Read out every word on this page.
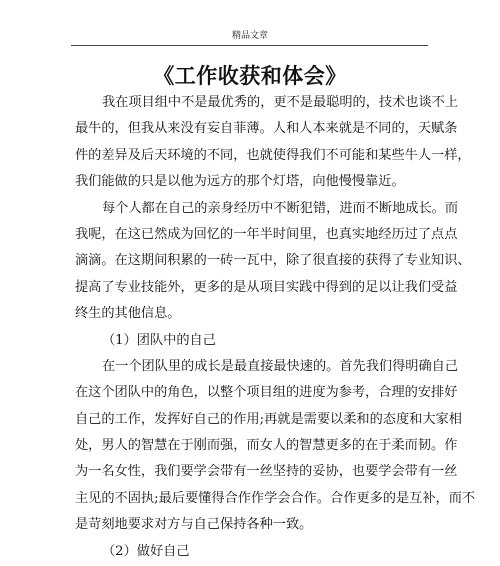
精品文章
《工作收获和体会》
我在项目组中不是最优秀的，更不是最聪明的，技术也谈不上
最牛的，但我从来没有妄自菲薄。人和人本来就是不同的，天赋条
件的差异及后天环境的不同，也就使得我们不可能和某些牛人一样，
我们能做的只是以他为远方的那个灯塔，向他慢慢靠近。
每个人都在自己的亲身经历中不断犯错，进而不断地成长。而
我呢，在这已然成为回忆的一年半时间里，也真实地经历过了点点
滴滴。在这期间积累的一砖一瓦中，除了很直接的获得了专业知识、
提高了专业技能外，更多的是从项目实践中得到的足以让我们受益
终生的其他信息。
（1）团队中的自己
在一个团队里的成长是最直接最快速的。首先我们得明确自己
在这个团队中的角色，以整个项目组的进度为参考，合理的安排好
自己的工作，发挥好自己的作用;再就是需要以柔和的态度和大家相
处，男人的智慧在于刚而强，而女人的智慧更多的在于柔而韧。作
为一名女性，我们要学会带有一丝坚持的妥协，也要学会带有一丝
主见的不固执;最后要懂得合作作学会合作。合作更多的是互补，而不
是苛刻地要求对方与自己保持各种一致。
（2）做好自己
